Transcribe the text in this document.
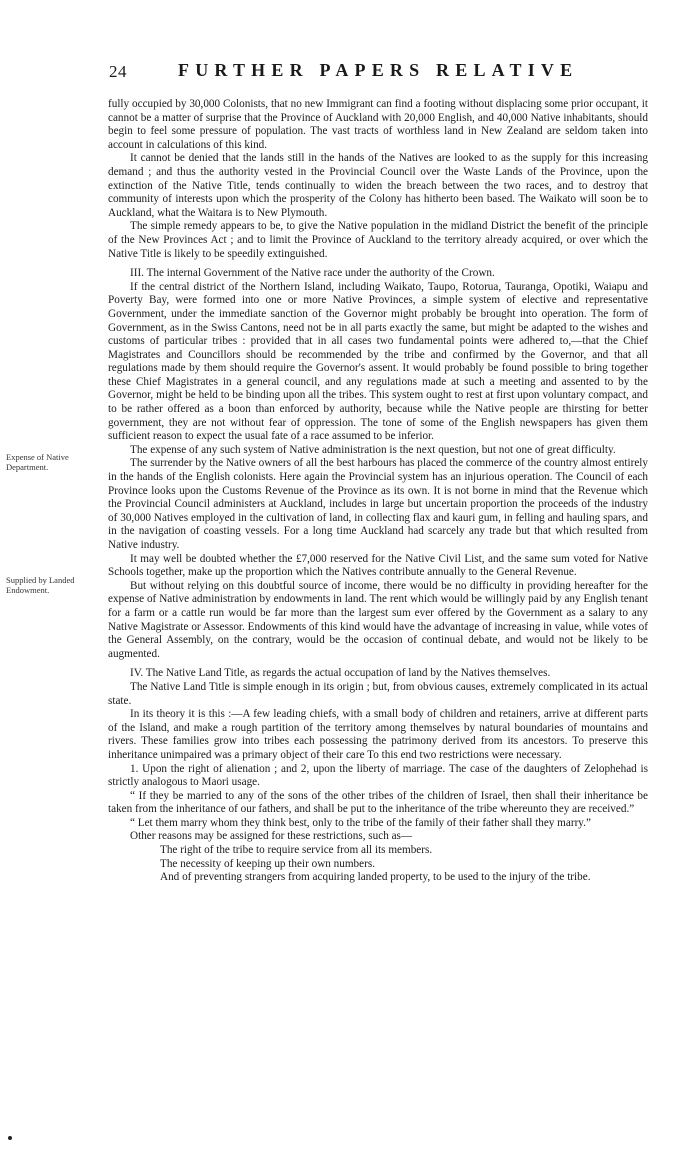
24	FURTHER PAPERS RELATIVE
Expense of Native Department.
Supplied by Landed Endowment.

fully occupied by 30,000 Colonists, that no new Immigrant can find a footing without displacing some prior occupant, it cannot be a matter of surprise that the Province of Auckland with 20,000 English, and 40,000 Native inhabitants, should begin to feel some pressure of population. The vast tracts of worthless land in New Zealand are seldom taken into account in calculations of this kind.

It cannot be denied that the lands still in the hands of the Natives are looked to as the supply for this increasing demand ; and thus the authority vested in the Provincial Council over the Waste Lands of the Province, upon the extinction of the Native Title, tends continually to widen the breach between the two races, and to destroy that community of interests upon which the prosperity of the Colony has hitherto been based. The Waikato will soon be to Auckland, what the Waitara is to New Plymouth.

The simple remedy appears to be, to give the Native population in the midland District the benefit of the principle of the New Provinces Act ; and to limit the Province of Auckland to the territory already acquired, or over which the Native Title is likely to be speedily extinguished.

III. The internal Government of the Native race under the authority of the Crown.

If the central district of the Northern Island, including Waikato, Taupo, Rotorua, Tauranga, Opotiki, Waiapu and Poverty Bay, were formed into one or more Native Provinces, a simple system of elective and representative Government, under the immediate sanction of the Governor might probably be brought into operation. The form of Government, as in the Swiss Cantons, need not be in all parts exactly the same, but might be adapted to the wishes and customs of particular tribes : provided that in all cases two fundamental points were adhered to,—that the Chief Magistrates and Councillors should be recommended by the tribe and confirmed by the Governor, and that all regulations made by them should require the Governor's assent. It would probably be found possible to bring together these Chief Magistrates in a general council, and any regulations made at such a meeting and assented to by the Governor, might be held to be binding upon all the tribes. This system ought to rest at first upon voluntary compact, and to be rather offered as a boon than enforced by authority, because while the Native people are thirsting for better government, they are not without fear of oppression. The tone of some of the English newspapers has given them sufficient reason to expect the usual fate of a race assumed to be inferior.

The expense of any such system of Native administration is the next question, but not one of great difficulty.

The surrender by the Native owners of all the best harbours has placed the commerce of the country almost entirely in the hands of the English colonists. Here again the Provincial system has an injurious operation. The Council of each Province looks upon the Customs Revenue of the Province as its own. It is not borne in mind that the Revenue which the Provincial Council administers at Auckland, includes in large but uncertain proportion the proceeds of the industry of 30,000 Natives employed in the cultivation of land, in collecting flax and kauri gum, in felling and hauling spars, and in the navigation of coasting vessels. For a long time Auckland had scarcely any trade but that which resulted from Native industry.

It may well be doubted whether the £7,000 reserved for the Native Civil List, and the same sum voted for Native Schools together, make up the proportion which the Natives contribute annually to the General Revenue.

But without relying on this doubtful source of income, there would be no difficulty in providing hereafter for the expense of Native administration by endowments in land. The rent which would be willingly paid by any English tenant for a farm or a cattle run would be far more than the largest sum ever offered by the Government as a salary to any Native Magistrate or Assessor. Endowments of this kind would have the advantage of increasing in value, while votes of the General Assembly, on the contrary, would be the occasion of continual debate, and would not be likely to be augmented.

IV. The Native Land Title, as regards the actual occupation of land by the Natives themselves.

The Native Land Title is simple enough in its origin ; but, from obvious causes, extremely complicated in its actual state.

In its theory it is this :—A few leading chiefs, with a small body of children and retainers, arrive at different parts of the Island, and make a rough partition of the territory among themselves by natural boundaries of mountains and rivers. These families grow into tribes each possessing the patrimony derived from its ancestors. To preserve this inheritance unimpaired was a primary object of their care To this end two restrictions were necessary.

1. Upon the right of alienation ; and 2, upon the liberty of marriage. The case of the daughters of Zelophehad is strictly analogous to Maori usage.

“ If they be married to any of the sons of the other tribes of the children of Israel, then shall their inheritance be taken from the inheritance of our fathers, and shall be put to the inheritance of the tribe whereunto they are received.”

“ Let them marry whom they think best, only to the tribe of the family of their father shall they marry.”

Other reasons may be assigned for these restrictions, such as—

The right of the tribe to require service from all its members.

The necessity of keeping up their own numbers.

And of preventing strangers from acquiring landed property, to be used to the injury of the tribe.
